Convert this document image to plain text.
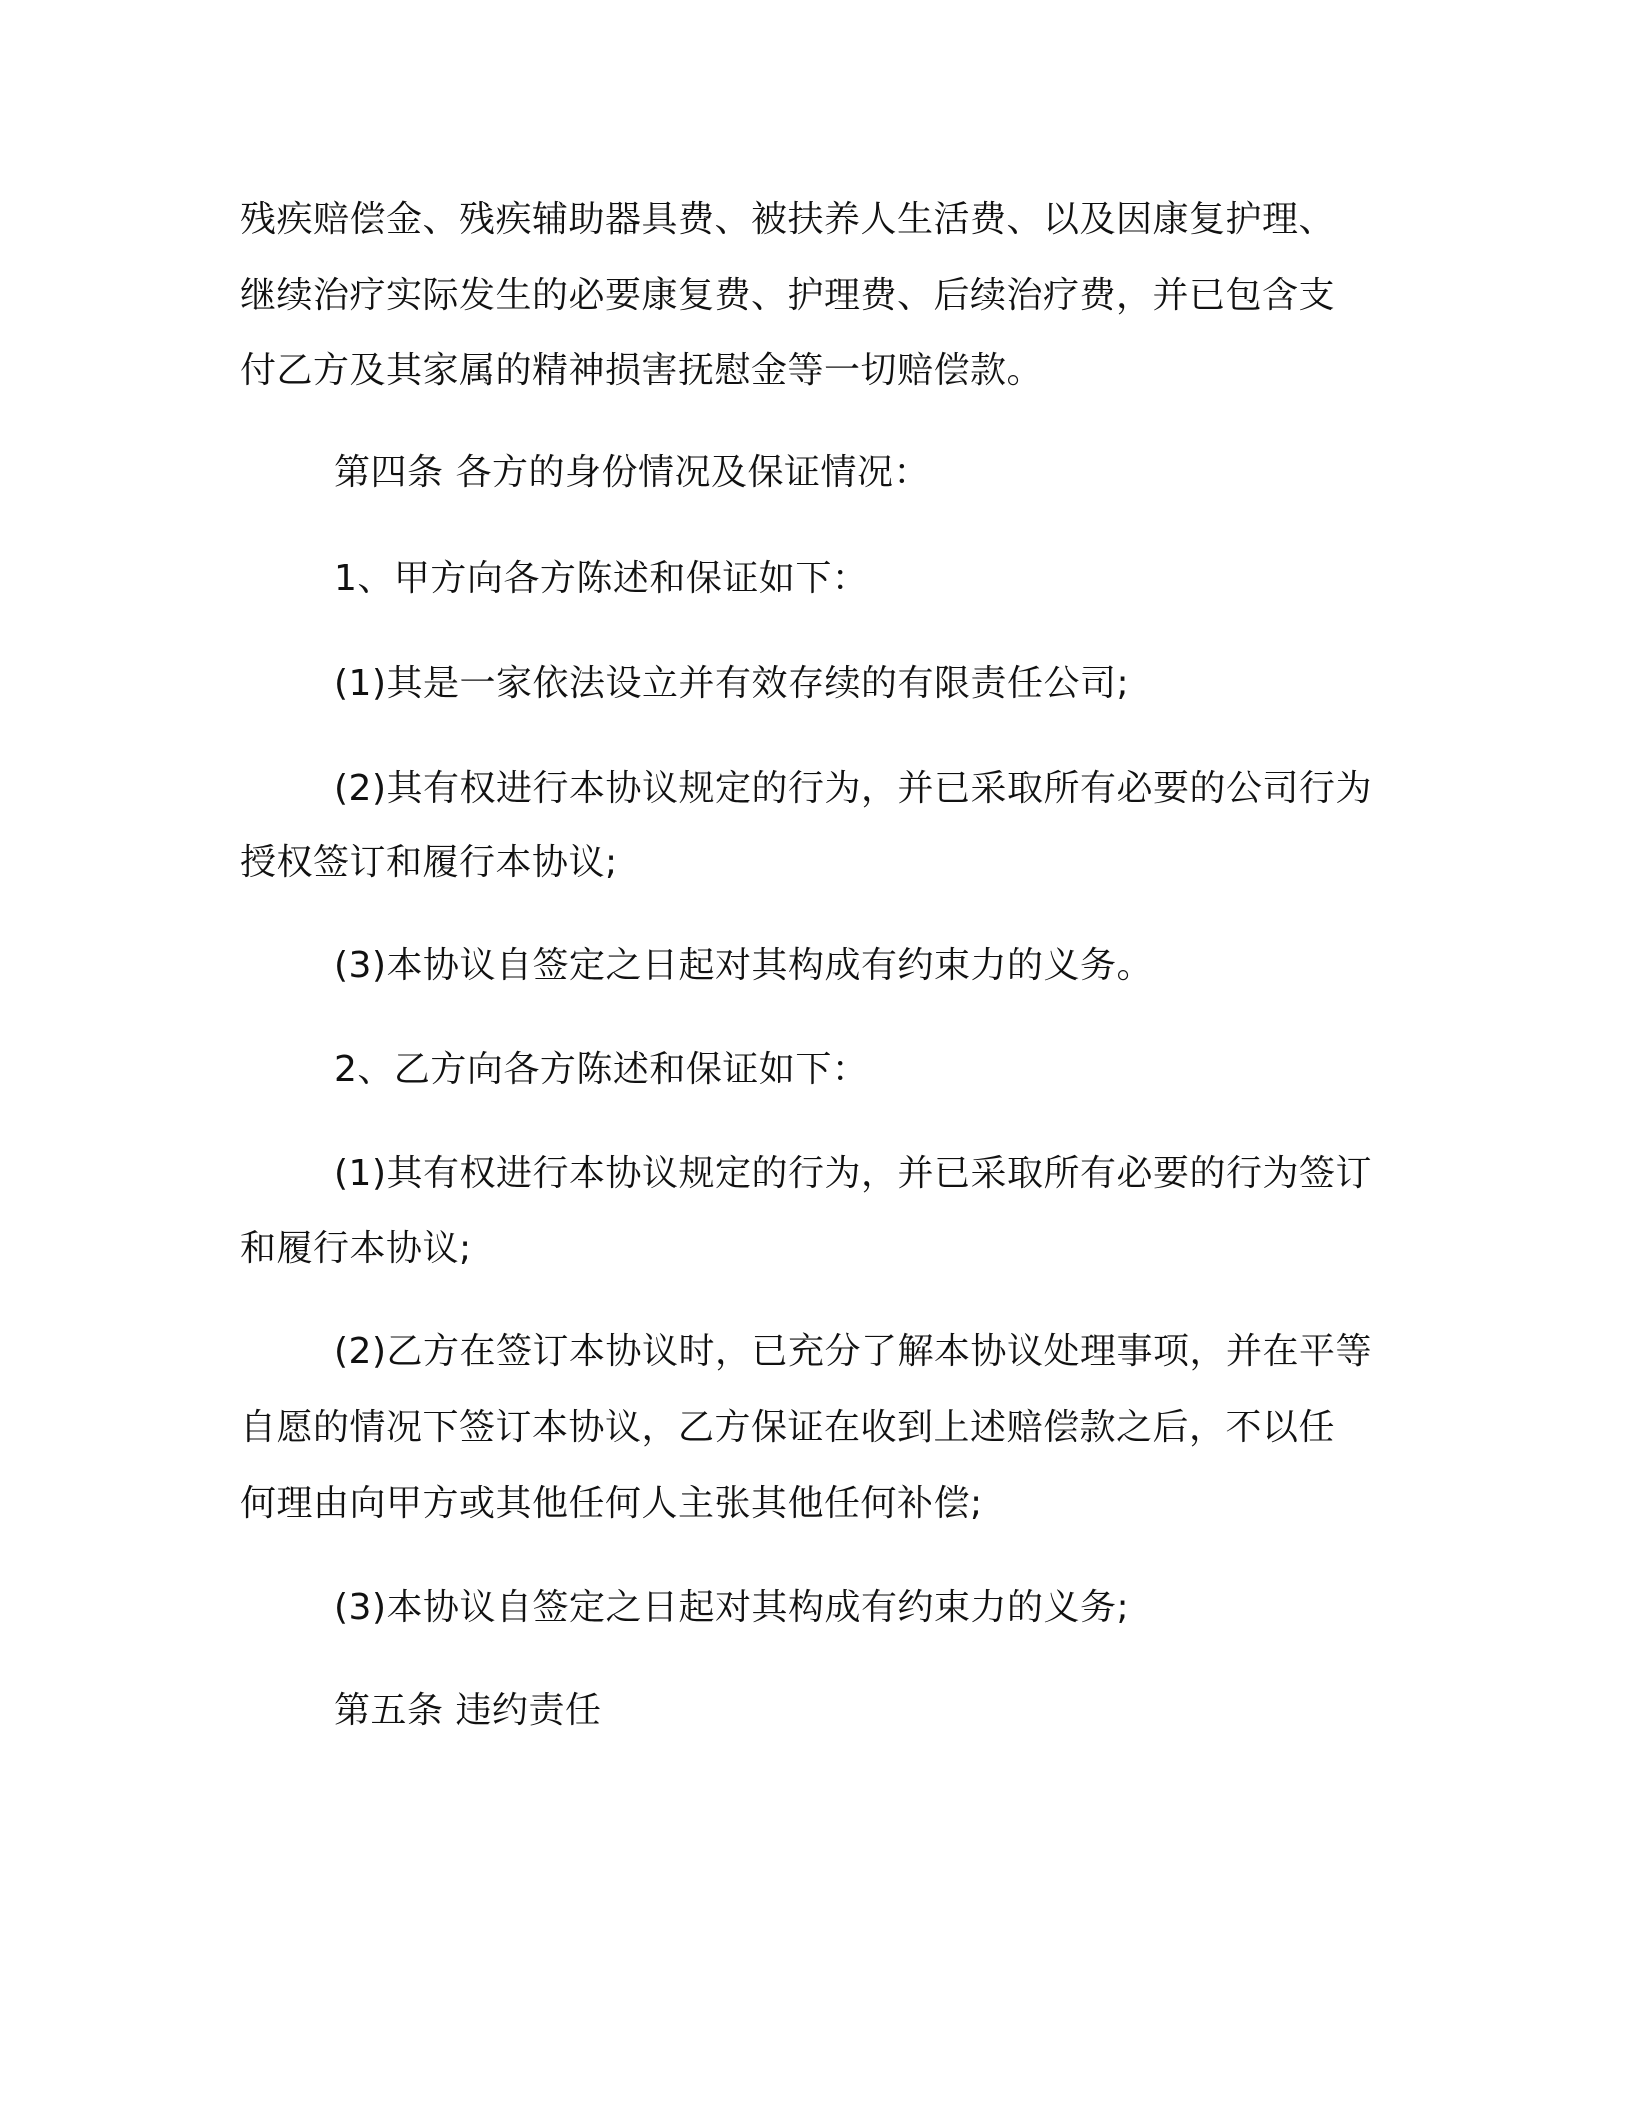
残疾赔偿金、残疾辅助器具费、被扶养人生活费、以及因康复护理、

继续治疗实际发生的必要康复费、护理费、后续治疗费，并已包含支

付乙方及其家属的精神损害抚慰金等一切赔偿款。

第四条 各方的身份情况及保证情况：

1、甲方向各方陈述和保证如下：

(1)其是一家依法设立并有效存续的有限责任公司;

(2)其有权进行本协议规定的行为，并已采取所有必要的公司行为

授权签订和履行本协议;

(3)本协议自签定之日起对其构成有约束力的义务。

2、乙方向各方陈述和保证如下：

(1)其有权进行本协议规定的行为，并已采取所有必要的行为签订

和履行本协议;

(2)乙方在签订本协议时，已充分了解本协议处理事项，并在平等

自愿的情况下签订本协议，乙方保证在收到上述赔偿款之后，不以任

何理由向甲方或其他任何人主张其他任何补偿;

(3)本协议自签定之日起对其构成有约束力的义务;

第五条 违约责任
